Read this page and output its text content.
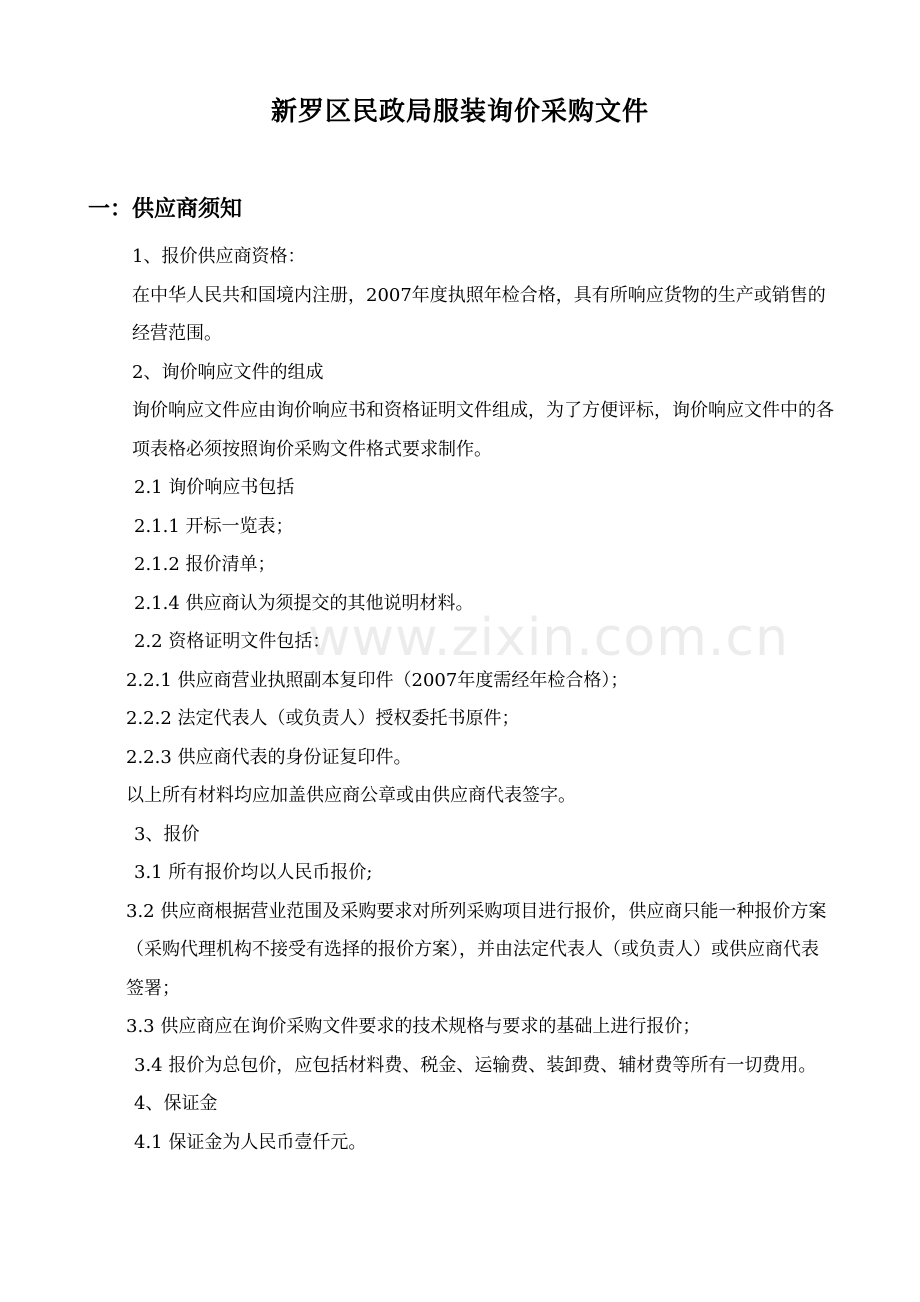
新罗区民政局服装询价采购文件
一：供应商须知
www.zixin.com.cn

1、报价供应商资格：

在中华人民共和国境内注册，2007年度执照年检合格，具有所响应货物的生产或销售的经营范围。

2、询价响应文件的组成

询价响应文件应由询价响应书和资格证明文件组成，为了方便评标，询价响应文件中的各项表格必须按照询价采购文件格式要求制作。

2.1 询价响应书包括

2.1.1 开标一览表；

2.1.2 报价清单；

2.1.4 供应商认为须提交的其他说明材料。

2.2 资格证明文件包括：

2.2.1 供应商营业执照副本复印件（2007年度需经年检合格）；

2.2.2 法定代表人（或负责人）授权委托书原件；

2.2.3 供应商代表的身份证复印件。

以上所有材料均应加盖供应商公章或由供应商代表签字。

3、报价

3.1 所有报价均以人民币报价;

3.2 供应商根据营业范围及采购要求对所列采购项目进行报价，供应商只能一种报价方案（采购代理机构不接受有选择的报价方案），并由法定代表人（或负责人）或供应商代表签署；

3.3 供应商应在询价采购文件要求的技术规格与要求的基础上进行报价；

3.4 报价为总包价，应包括材料费、税金、运输费、装卸费、辅材费等所有一切费用。

4、保证金

4.1 保证金为人民币壹仟元。
